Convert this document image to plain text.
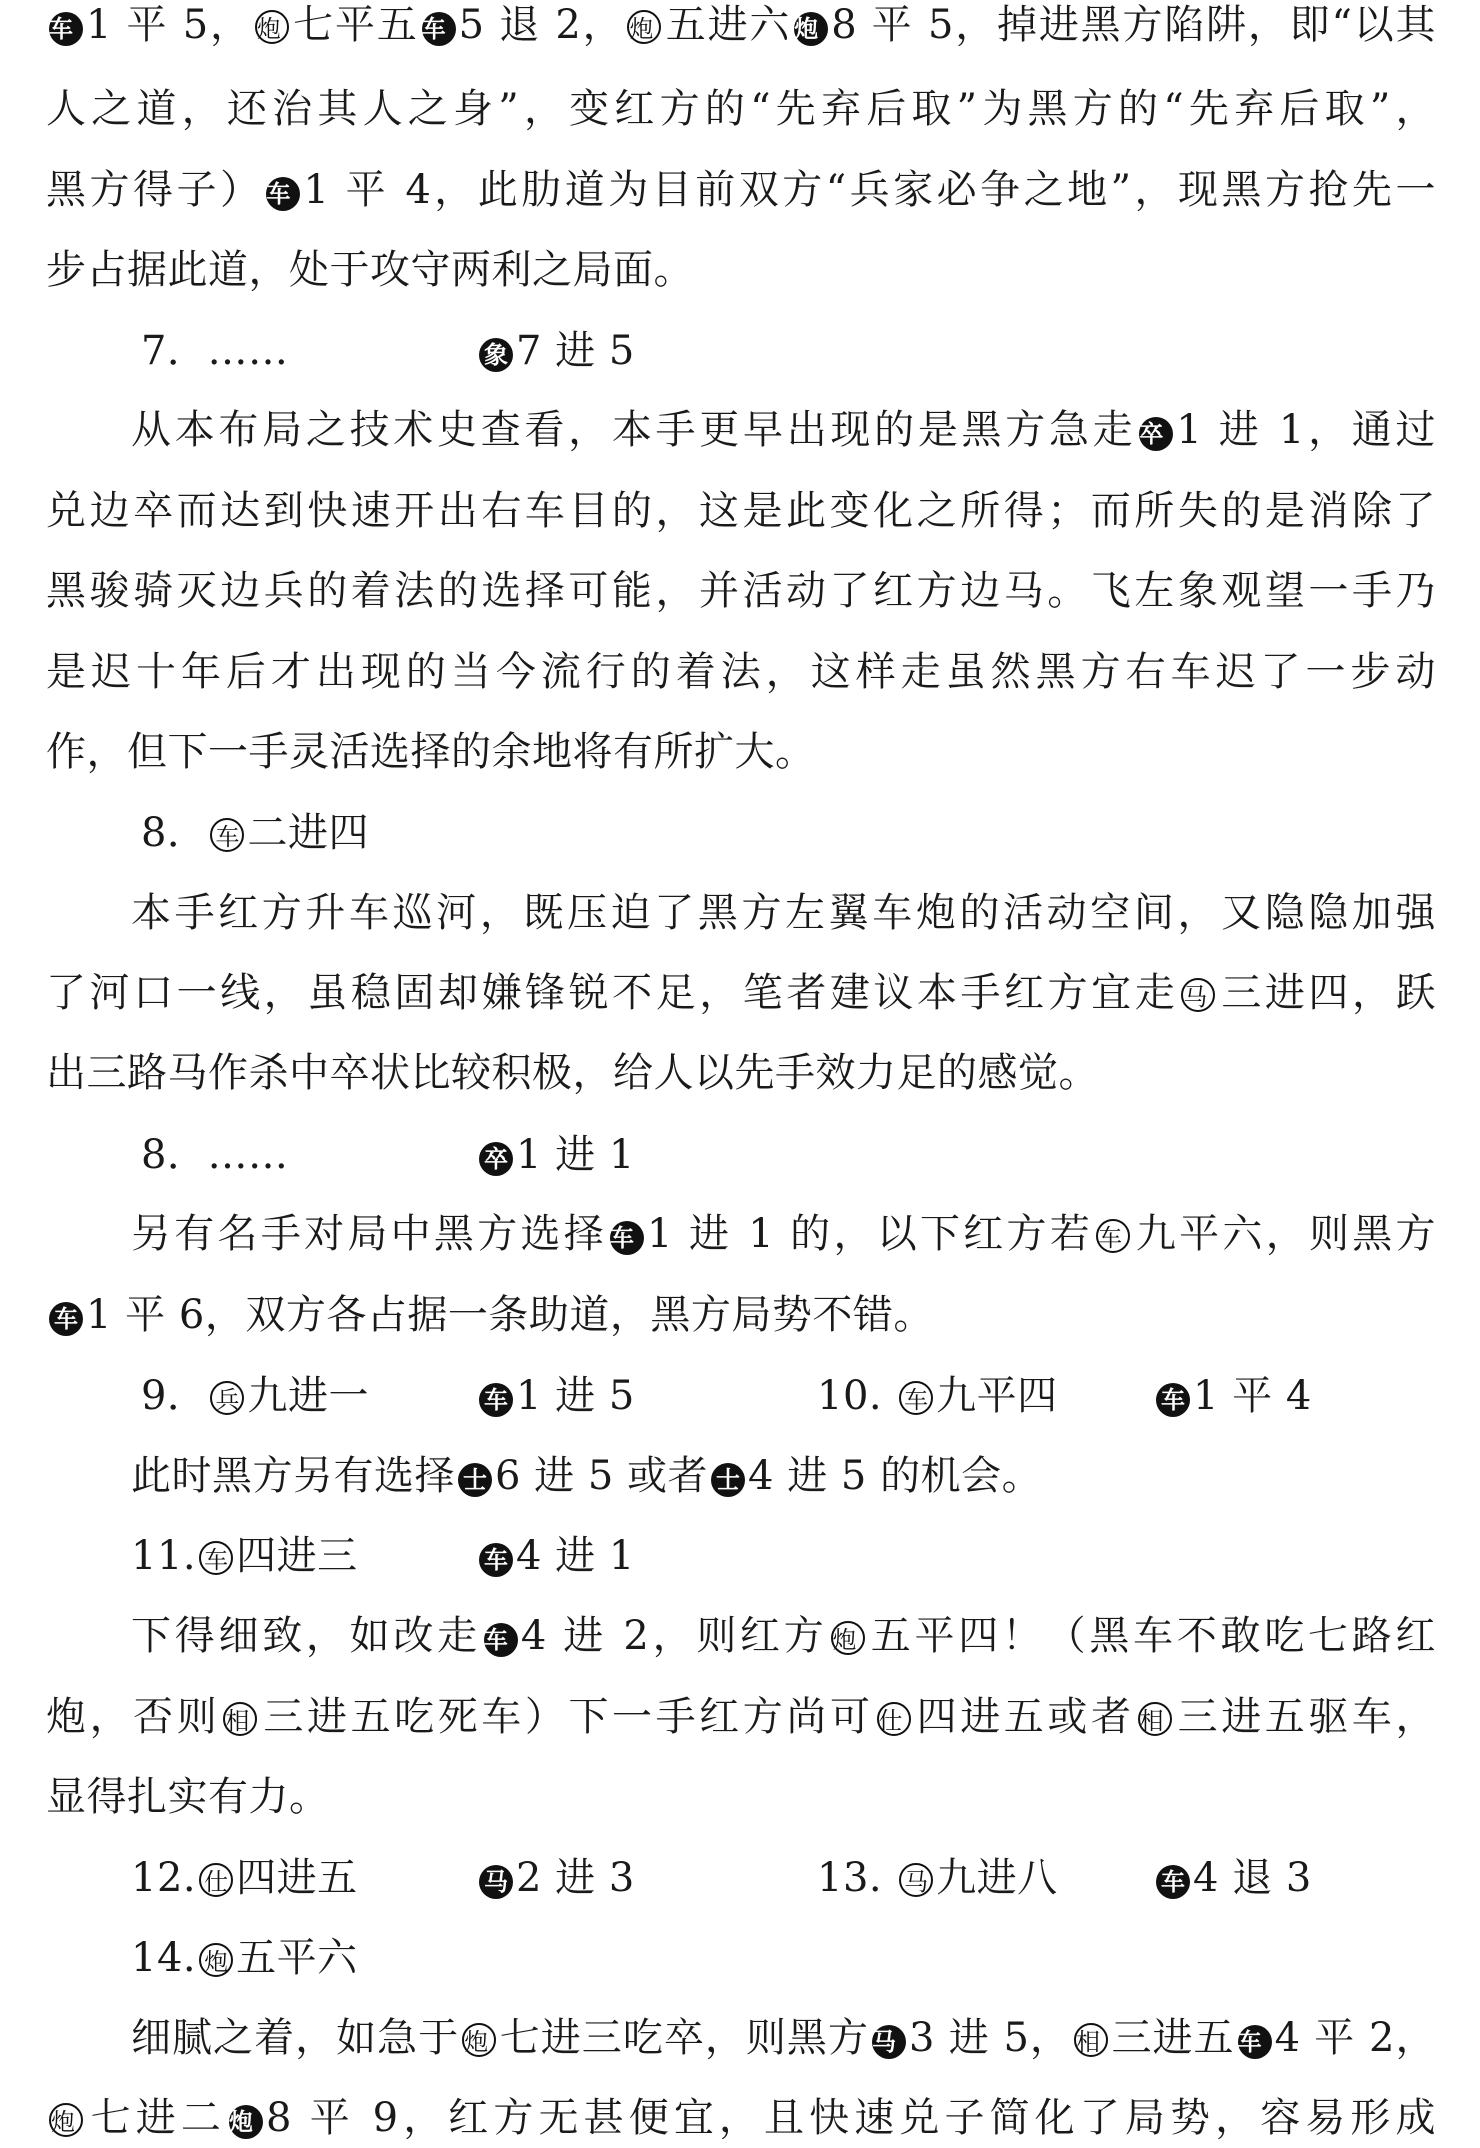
车 1 平 5， 炮 七平五 车 5 退 2， 炮 五进六 炮 8 平 5，掉进黑方陷阱，即“以其
人之道，还治其人之身”，变红方的“先弃后取”为黑方的“先弃后取”，
黑方得子） 车 1 平 4，此肋道为目前双方“兵家必争之地”，现黑方抢先一
步占据此道，处于攻守两利之局面。
7．……	象 7 进 5
从本布局之技术史查看，本手更早出现的是黑方急走 卒 1 进 1，通过
兑边卒而达到快速开出右车目的，这是此变化之所得；而所失的是消除了
黑骏骑灭边兵的着法的选择可能，并活动了红方边马。飞左象观望一手乃
是迟十年后才出现的当今流行的着法，这样走虽然黑方右车迟了一步动
作，但下一手灵活选择的余地将有所扩大。
8． 车 二进四
本手红方升车巡河，既压迫了黑方左翼车炮的活动空间，又隐隐加强
了河口一线，虽稳固却嫌锋锐不足，笔者建议本手红方宜走 马 三进四，跃
出三路马作杀中卒状比较积极，给人以先手效力足的感觉。
8．……	卒 1 进 1
另有名手对局中黑方选择 车 1 进 1 的，以下红方若 车 九平六，则黑方
车 1 平 6，双方各占据一条助道，黑方局势不错。
9． 兵 九进一	车 1 进 5	10. 车 九平四	车 1 平 4
此时黑方另有选择 士 6 进 5 或者 士 4 进 5 的机会。
11. 车 四进三	车 4 进 1
下得细致，如改走 车 4 进 2，则红方 炮 五平四！（黑车不敢吃七路红
炮，否则 相 三进五吃死车）下一手红方尚可 仕 四进五或者 相 三进五驱车，
显得扎实有力。
12. 仕 四进五	马 2 进 3	13. 马 九进八	车 4 退 3
14. 炮 五平六
细腻之着，如急于 炮 七进三吃卒，则黑方 马 3 进 5， 相 三进五 车 4 平 2，
炮 七进二 炮 8 平 9，红方无甚便宜，且快速兑子简化了局势，容易形成
